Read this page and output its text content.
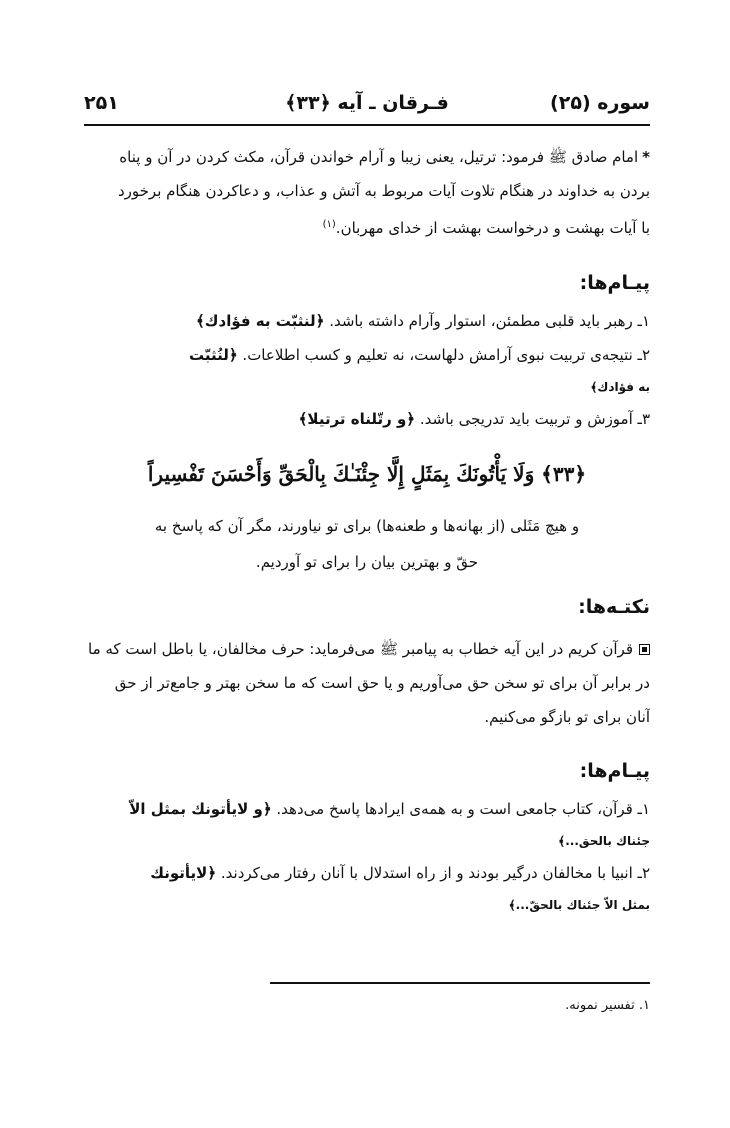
سوره (۲۵)
فـرقان ـ آیه ﴿۳۳﴾
۲۵۱
*امام صادق ﷺ فرمود: ترتیل، یعنی زیبا و آرام خواندن قرآن، مکث کردن در آن و پناه
بردن به خداوند در هنگام تلاوت آیات مربوط به آتش و عذاب، و دعاکردن هنگام برخورد
با آیات بهشت و درخواست بهشت از خدای مهربان.$^{(۱)}$
پیـام‌ها:
۱ـ رهبر باید قلبی مطمئن، استوار وآرام داشته باشد. ﴿لنثبّت به فؤادك﴾
۲ـ نتیجه‌ی تربیت نبوی آرامش دلهاست، نه تعلیم و کسب اطلاعات. ﴿لنُثبّت
به فؤادك﴾
۳ـ آموزش و تربیت باید تدریجی باشد. ﴿و رتّلناه ترتیلا﴾
﴿۳۳﴾ وَلَا يَأْتُونَكَ بِمَثَلٍ إِلَّا جِئْنَـٰكَ بِالْحَقِّ وَأَحْسَنَ تَفْسِيراً
و هیچ مَثَلی (از بهانه‌ها و طعنه‌ها) برای تو نیاورند، مگر آن که پاسخ به
حقّ و بهترین بیان را برای تو آوردیم.
نکتـه‌ها:
قرآن کریم در این آیه خطاب به پیامبر ﷺ می‌فرماید: حرف مخالفان، یا باطل است که ما
در برابر آن برای تو سخن حق می‌آوریم و یا حق است که ما سخن بهتر و جامع‌تر از حق
آنان برای تو بازگو می‌کنیم.
پیـام‌ها:
۱ـ قرآن، کتاب جامعی است و به همه‌ی ایرادها پاسخ می‌دهد. ﴿و لایأتونك بمثل الاّ
جئناك بالحق...﴾
۲ـ انبیا با مخالفان درگیر بودند و از راه استدلال با آنان رفتار می‌کردند. ﴿لایأتونك
بمثل الاّ جئناك بالحقّ...﴾
۱. تفسیر نمونه.
